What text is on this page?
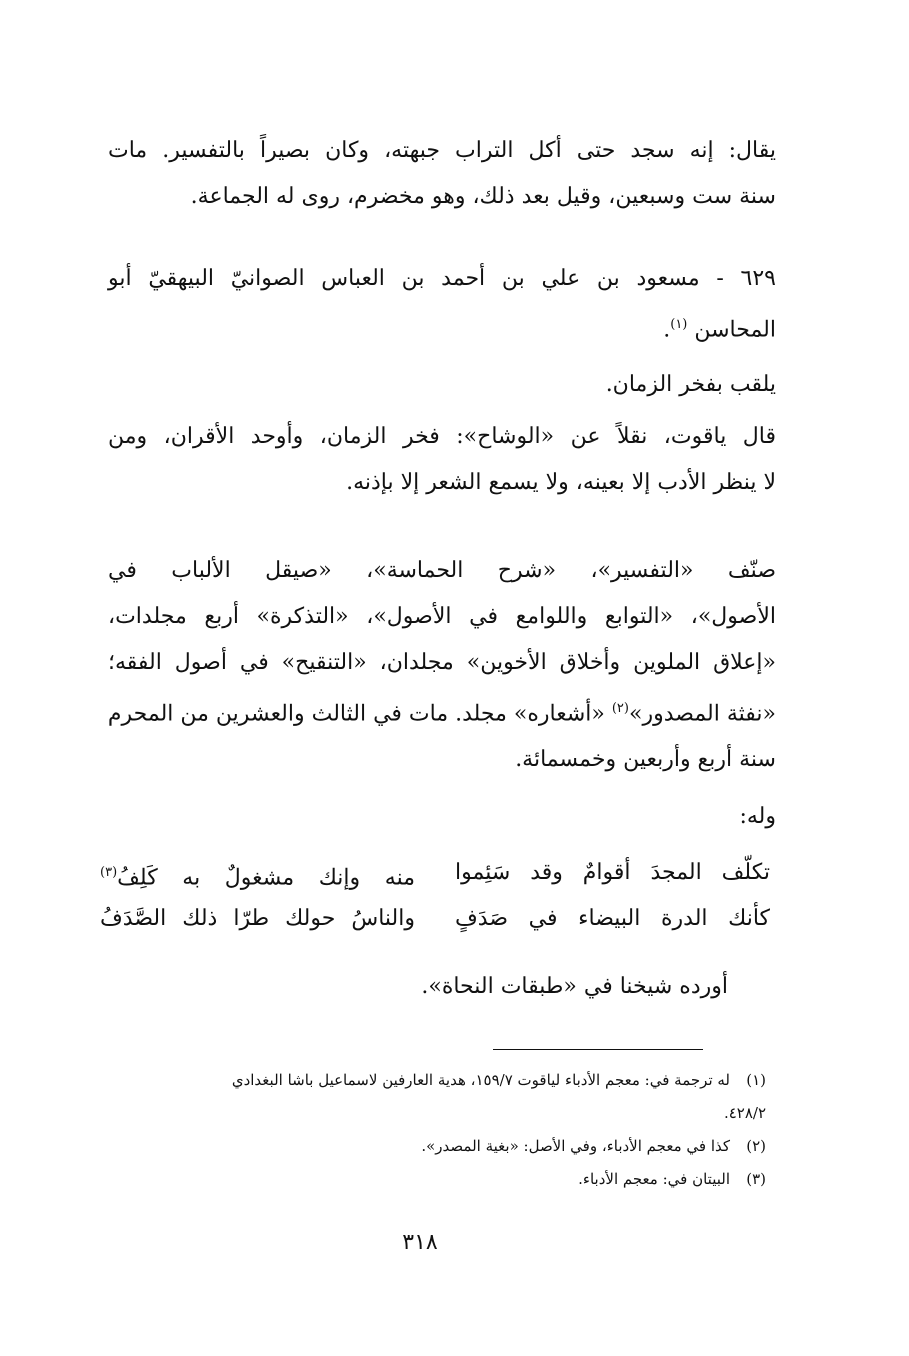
يقال: إنه سجد حتى أكل التراب جبهته، وكان بصيراً بالتفسير. مات
سنة ست وسبعين، وقيل بعد ذلك، وهو مخضرم، روى له الجماعة.

٦٢٩ - مسعود بن علي بن أحمد بن العباس الصوانيّ البيهقيّ أبو
المحاسن $^{(١)}$.

يلقب بفخر الزمان.

قال ياقوت، نقلاً عن «الوشاح»: فخر الزمان، وأوحد الأقران، ومن
لا ينظر الأدب إلا بعينه، ولا يسمع الشعر إلا بإذنه.

صنّف «التفسير»، «شرح الحماسة»، «صيقل الألباب في
الأصول»، «التوابع واللوامع في الأصول»، «التذكرة» أربع مجلدات،
«إعلاق الملوين وأخلاق الأخوين» مجلدان، «التنقيح» في أصول الفقه؛
«نفثة المصدور»$^{(٢)}$ «أشعاره» مجلد. مات في الثالث والعشرين من المحرم
سنة أربع وأربعين وخمسمائة.

وله:

تكلّف المجدَ أقوامٌ وقد سَئِموا
منه وإنك مشغولٌ به كَلِفُ$^{(٣)}$
كأنك الدرة البيضاء في صَدَفٍ
والناسُ حولك طرّا ذلك الصَّدَفُ

أورده شيخنا في «طبقات النحاة».

(١)له ترجمة في: معجم الأدباء لياقوت ١٥٩/٧، هدية العارفين لاسماعيل باشا البغدادي
٤٢٨/٢.
(٢)كذا في معجم الأدباء، وفي الأصل: «بغية المصدر».
(٣)البيتان في: معجم الأدباء.
٣١٨
